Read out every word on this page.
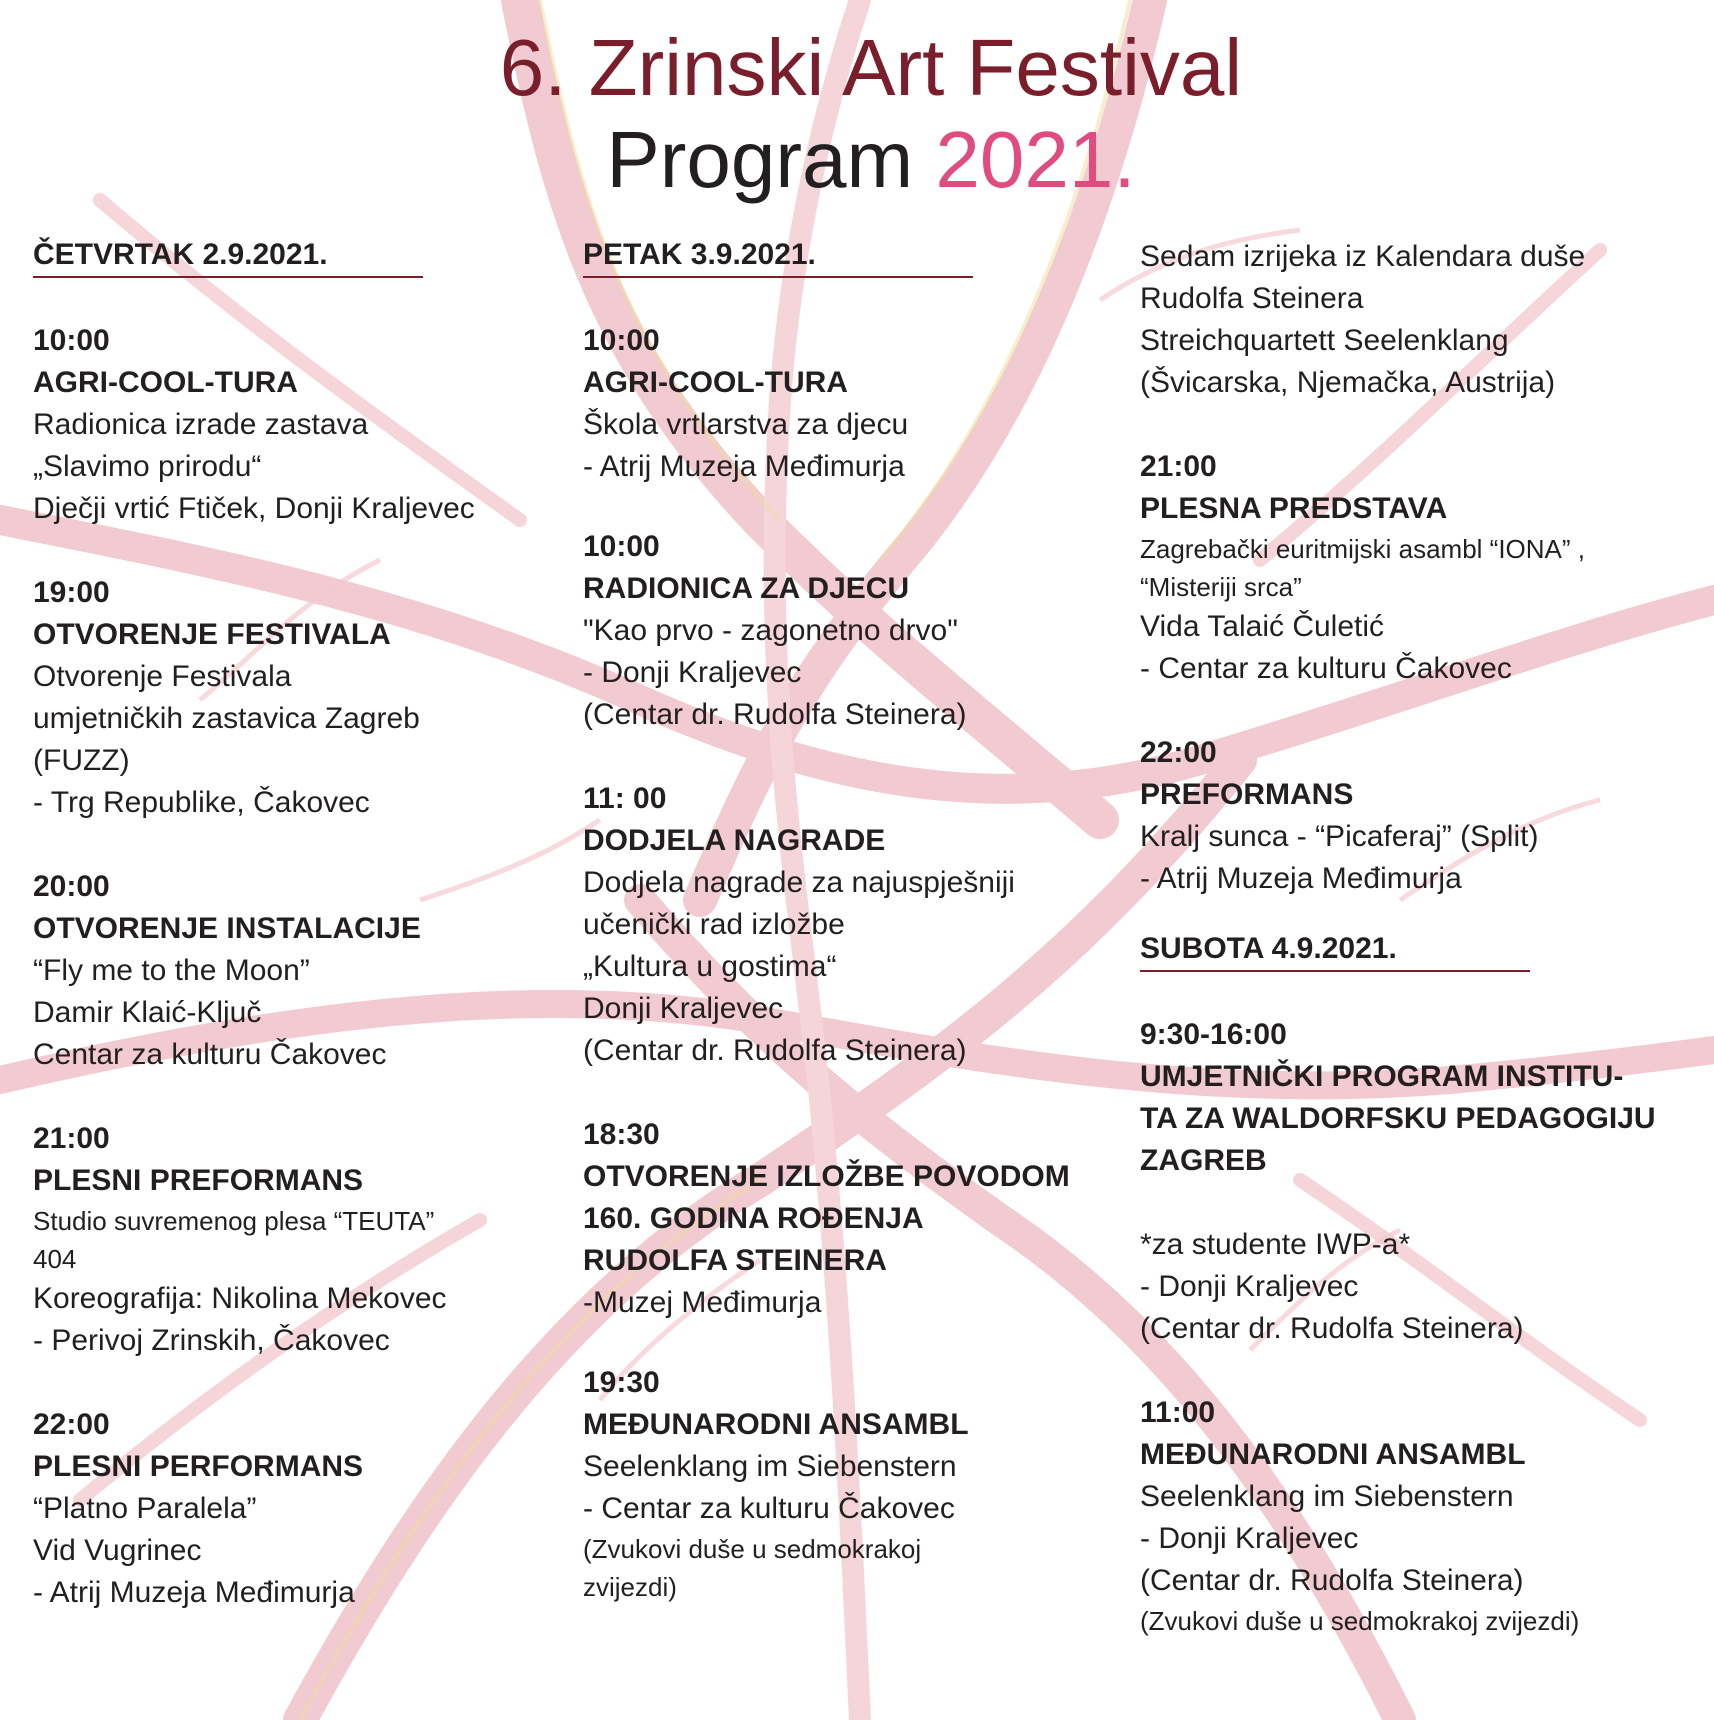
6. Zrinski Art Festival
Program 2021.
ČETVRTAK 2.9.2021.
10:00
AGRI-COOL-TURA
Radionica izrade zastava
„Slavimo prirodu“
Dječji vrtić Ftiček, Donji Kraljevec
19:00
OTVORENJE FESTIVALA
Otvorenje Festivala
umjetničkih zastavica Zagreb
(FUZZ)
- Trg Republike, Čakovec
20:00
OTVORENJE INSTALACIJE
“Fly me to the Moon”
Damir Klaić-Ključ
Centar za kulturu Čakovec
21:00
PLESNI PREFORMANS
Studio suvremenog plesa “TEUTA”
404
Koreografija: Nikolina Mekovec
- Perivoj Zrinskih, Čakovec
22:00
PLESNI PERFORMANS
“Platno Paralela”
Vid Vugrinec
- Atrij Muzeja Međimurja
PETAK 3.9.2021.
10:00
AGRI-COOL-TURA
Škola vrtlarstva za djecu
- Atrij Muzeja Međimurja
10:00
RADIONICA ZA DJECU
"Kao prvo - zagonetno drvo"
- Donji Kraljevec
(Centar dr. Rudolfa Steinera)
11: 00
DODJELA NAGRADE
Dodjela nagrade za najuspješniji
učenički rad izložbe
„Kultura u gostima“
Donji Kraljevec
(Centar dr. Rudolfa Steinera)
18:30
OTVORENJE IZLOŽBE POVODOM
160. GODINA ROĐENJA
RUDOLFA STEINERA
-Muzej Međimurja
19:30
MEĐUNARODNI ANSAMBL
Seelenklang im Siebenstern
- Centar za kulturu Čakovec
(Zvukovi duše u sedmokrakoj
zvijezdi)
Sedam izrijeka iz Kalendara duše
Rudolfa Steinera
Streichquartett Seelenklang
(Švicarska, Njemačka, Austrija)
21:00
PLESNA PREDSTAVA
Zagrebački euritmijski asambl “IONA” ,
“Misteriji srca”
Vida Talaić Čuletić
- Centar za kulturu Čakovec
22:00
PREFORMANS
Kralj sunca - “Picaferaj” (Split)
- Atrij Muzeja Međimurja
SUBOTA 4.9.2021.
9:30-16:00
UMJETNIČKI PROGRAM INSTITU-
TA ZA WALDORFSKU PEDAGOGIJU
ZAGREB
*za studente IWP-a*
- Donji Kraljevec
(Centar dr. Rudolfa Steinera)
11:00
MEĐUNARODNI ANSAMBL
Seelenklang im Siebenstern
- Donji Kraljevec
(Centar dr. Rudolfa Steinera)
(Zvukovi duše u sedmokrakoj zvijezdi)
